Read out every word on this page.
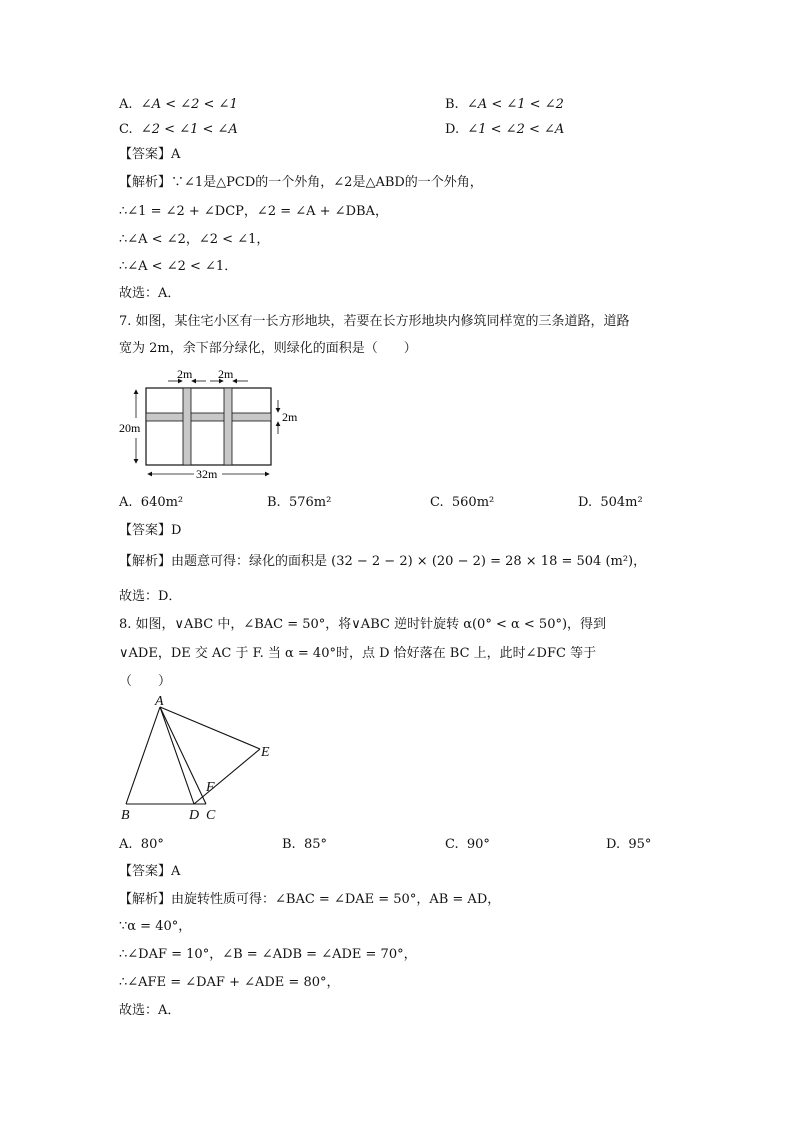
A. ∠A < ∠2 < ∠1	B. ∠A < ∠1 < ∠2
C. ∠2 < ∠1 < ∠A	D. ∠1 < ∠2 < ∠A
【答案】A
【解析】∵∠1是△PCD的一个外角，∠2是△ABD的一个外角，
∴∠1 = ∠2 + ∠DCP，∠2 = ∠A + ∠DBA，
∴∠A < ∠2，∠2 < ∠1，
∴∠A < ∠2 < ∠1．
故选：A．
7. 如图，某住宅小区有一长方形地块，若要在长方形地块内修筑同样宽的三条道路，道路
宽为 2m，余下部分绿化，则绿化的面积是（　　）
2m 2m
2m
20m
32m
A. 640m²	B. 576m²	C. 560m²	D. 504m²
【答案】D
【解析】由题意可得：绿化的面积是 (32 − 2 − 2) × (20 − 2) = 28 × 18 = 504 (m²)，
故选：D．
8. 如图，∨ABC 中，∠BAC = 50°，将∨ABC 逆时针旋转 α(0° < α < 50°)，得到
∨ADE，DE 交 AC 于 F. 当 α = 40°时，点 D 恰好落在 BC 上，此时∠DFC 等于
（　　）
A
B	D C
E
F
A. 80°	B. 85°	C. 90°	D. 95°
【答案】A
【解析】由旋转性质可得：∠BAC = ∠DAE = 50°，AB = AD，
∵α = 40°，
∴∠DAF = 10°，∠B = ∠ADB = ∠ADE = 70°，
∴∠AFE = ∠DAF + ∠ADE = 80°，
故选：A．
